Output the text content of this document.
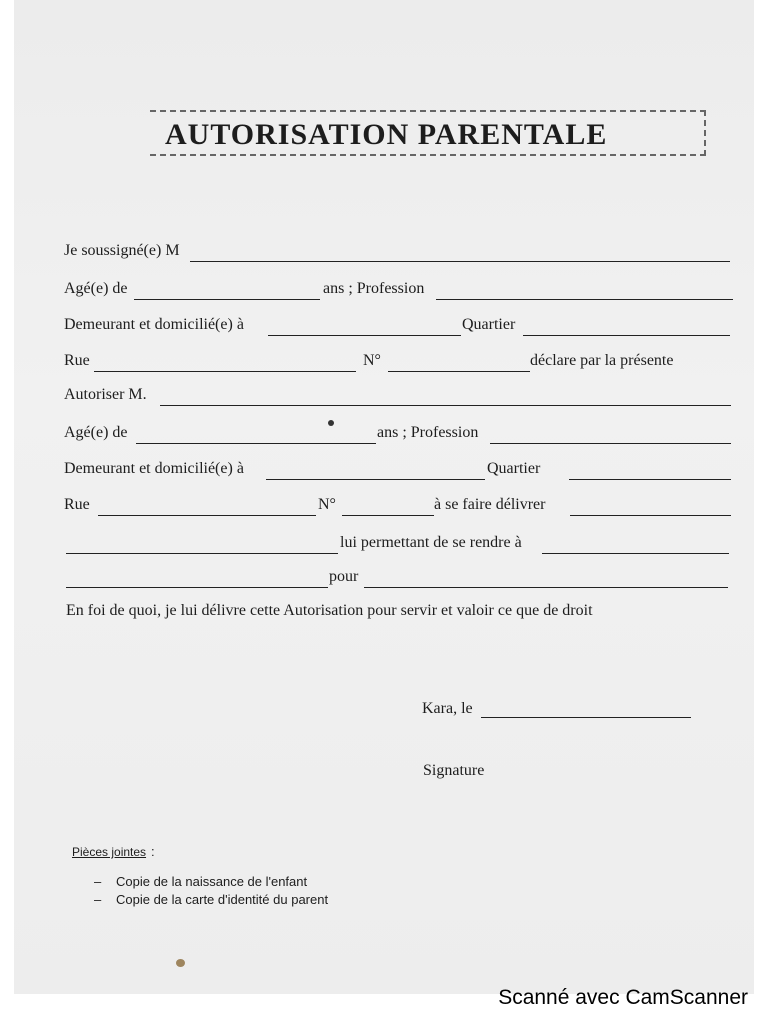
AUTORISATION PARENTALE
Je soussigné(e) M
Agé(e) de	ans ; Profession
Demeurant et domicilié(e) à	Quartier
Rue	N°	déclare par la présente
Autoriser M.
Agé(e) de	ans ; Profession
Demeurant et domicilié(e) à	Quartier
Rue	N°	à se faire délivrer
lui permettant de se rendre à
pour
En foi de quoi, je lui délivre cette Autorisation pour servir et valoir ce que de droit
Kara, le
Signature
Pièces jointes :
– Copie de la naissance de l'enfant
– Copie de la carte d'identité du parent
Scanné avec CamScanner
